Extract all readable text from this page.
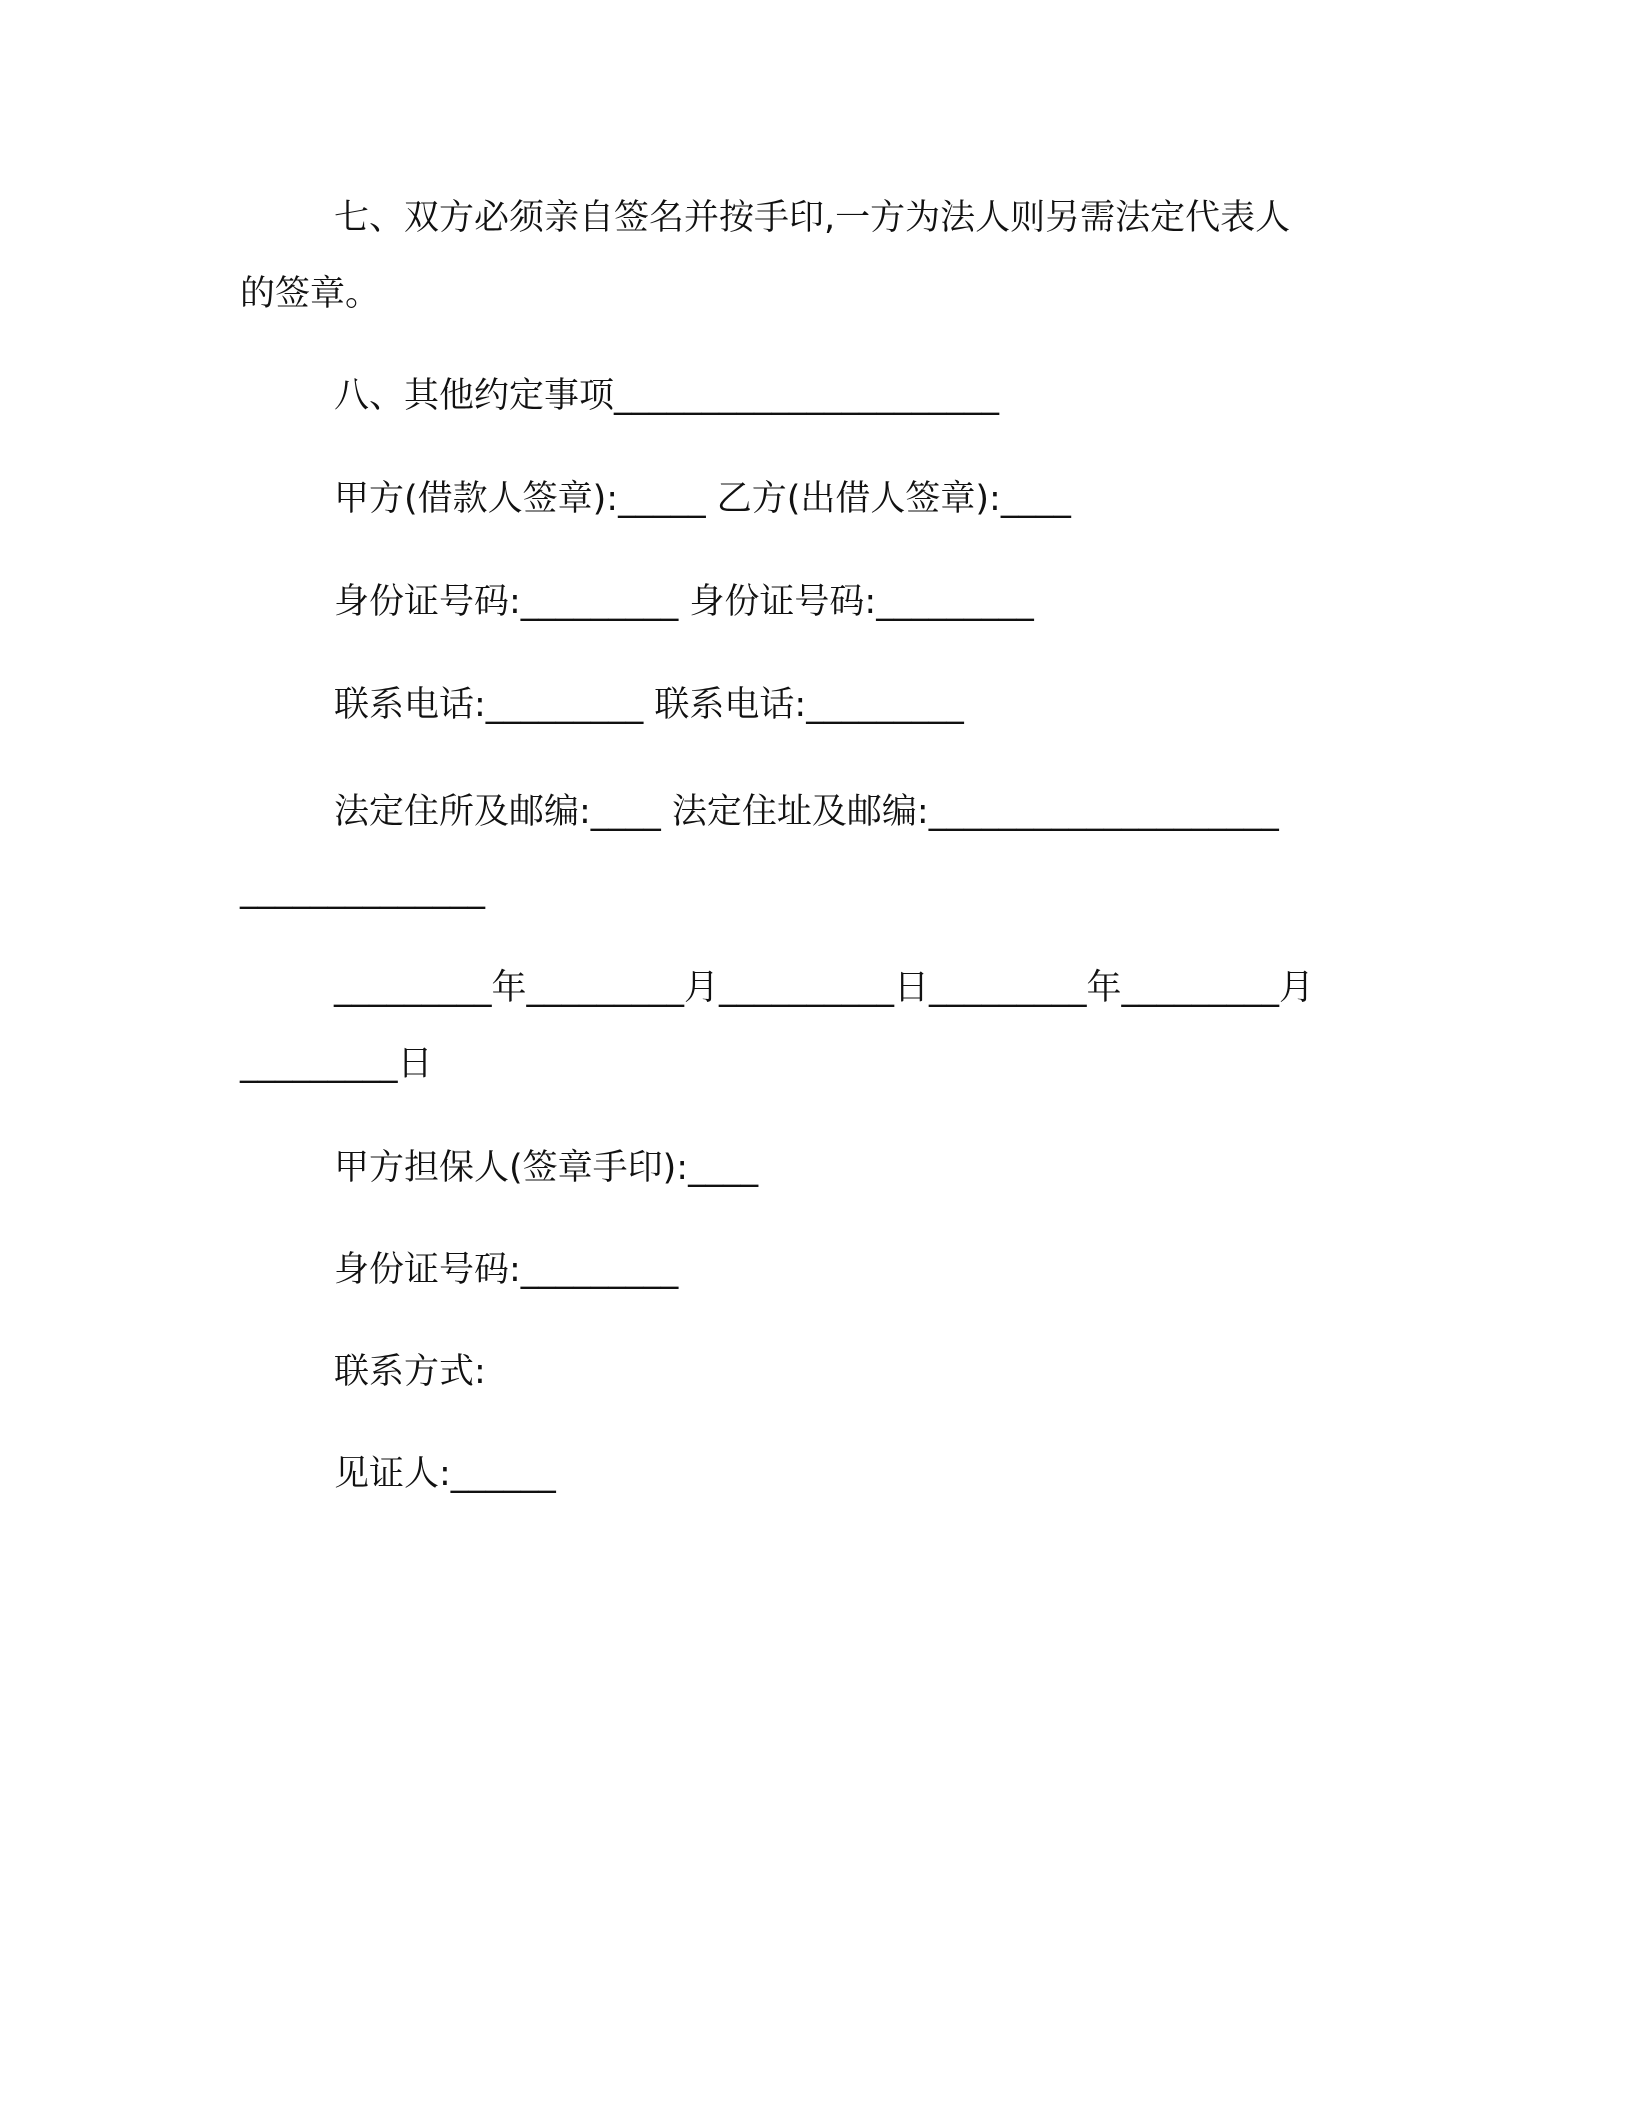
七、双方必须亲自签名并按手印,一方为法人则另需法定代表人
的签章。
八、其他约定事项______________________
甲方(借款人签章):_____ 乙方(出借人签章):____
身份证号码:_________ 身份证号码:_________
联系电话:_________ 联系电话:_________
法定住所及邮编:____ 法定住址及邮编:____________________
______________
_________年_________月__________日_________年_________月
_________日
甲方担保人(签章手印):____
身份证号码:_________
联系方式:
见证人:______
